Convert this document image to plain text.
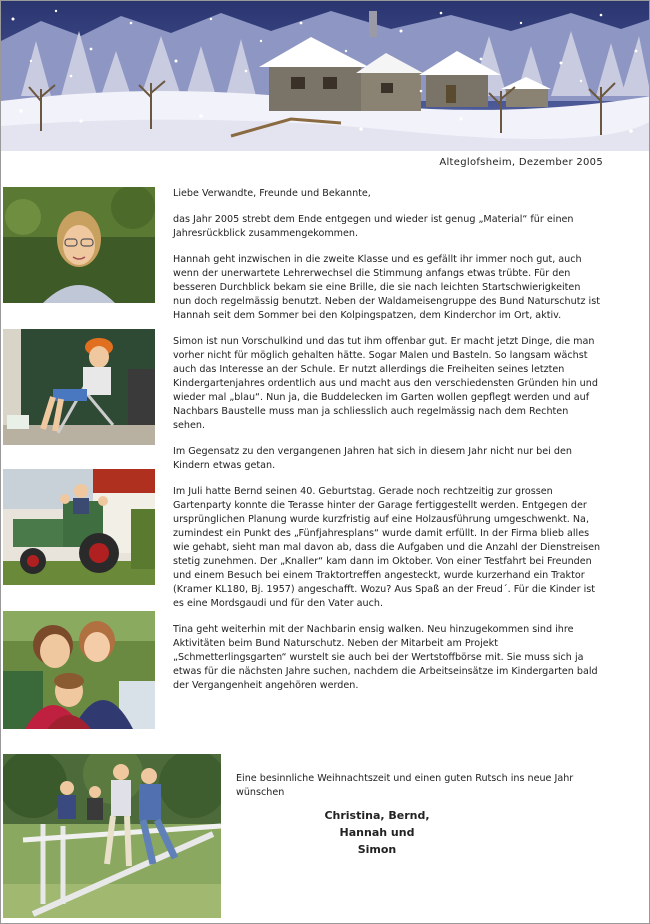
Alteglofsheim, Dezember 2005

Liebe Verwandte, Freunde und Bekannte,

das Jahr 2005 strebt dem Ende entgegen und wieder ist genug „Material“ für einen Jahresrückblick zusammengekommen.

Hannah geht inzwischen in die zweite Klasse und es gefällt ihr immer noch gut, auch wenn der unerwartete Lehrerwechsel die Stimmung anfangs etwas trübte. Für den besseren Durchblick bekam sie eine Brille, die sie nach leichten Startschwierigkeiten nun doch regelmässig benutzt. Neben der Waldameisengruppe des Bund Naturschutz ist Hannah seit dem Sommer bei den Kolpingspatzen, dem Kinderchor im Ort, aktiv.

Simon ist nun Vorschulkind und das tut ihm offenbar gut. Er macht jetzt Dinge, die man vorher nicht für möglich gehalten hätte. Sogar Malen und Basteln. So langsam wächst auch das Interesse an der Schule. Er nutzt allerdings die Freiheiten seines letzten Kindergartenjahres ordentlich aus und macht aus den verschiedensten Gründen hin und wieder mal „blau“. Nun ja, die Buddelecken im Garten wollen gepflegt werden und auf Nachbars Baustelle muss man ja schliesslich auch regelmässig nach dem Rechten sehen.

Im Gegensatz zu den vergangenen Jahren hat sich in diesem Jahr nicht nur bei den Kindern etwas getan.

Im Juli hatte Bernd seinen 40. Geburtstag. Gerade noch rechtzeitig zur grossen Gartenparty konnte die Terasse hinter der Garage fertiggestellt werden. Entgegen der ursprünglichen Planung wurde kurzfristig auf eine Holzausführung umgeschwenkt. Na, zumindest ein Punkt des „Fünfjahresplans“ wurde damit erfüllt. In der Firma blieb alles wie gehabt, sieht man mal davon ab, dass die Aufgaben und die Anzahl der Dienstreisen stetig zunehmen. Der „Knaller“ kam dann im Oktober. Von einer Testfahrt bei Freunden und einem Besuch bei einem Traktortreffen angesteckt, wurde kurzerhand ein Traktor (Kramer KL180, Bj. 1957) angeschafft. Wozu? Aus Spaß an der Freud´. Für die Kinder ist es eine Mordsgaudi und für den Vater auch.

Tina geht weiterhin mit der Nachbarin ensig walken. Neu hinzugekommen sind ihre Aktivitäten beim Bund Naturschutz. Neben der Mitarbeit am Projekt „Schmetterlingsgarten“ wurstelt sie auch bei der Wertstoffbörse mit. Sie muss sich ja etwas für die nächsten Jahre suchen, nachdem die Arbeitseinsätze im Kindergarten bald der Vergangenheit angehören werden.

Eine besinnliche Weihnachtszeit und einen guten Rutsch ins neue Jahr wünschen
Christina, Bernd,
Hannah und Simon
